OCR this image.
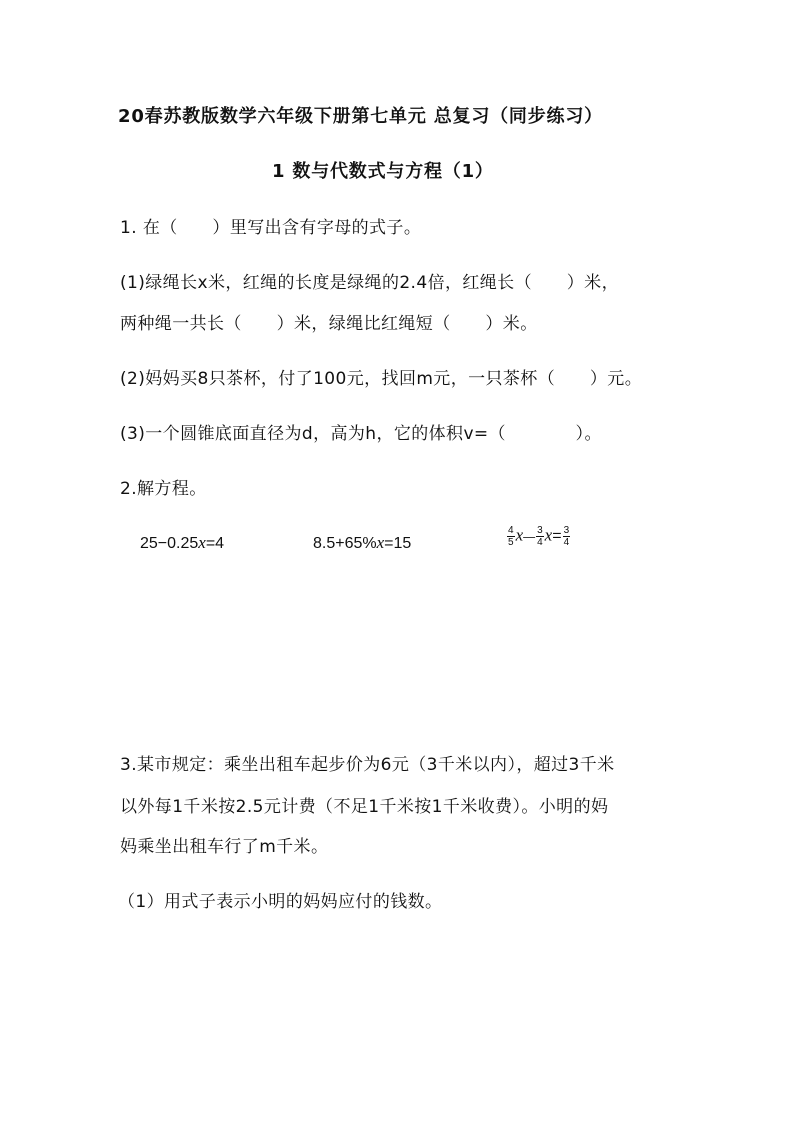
20春苏教版数学六年级下册第七单元 总复习（同步练习）
1 数与代数式与方程（1）
1. 在（　　）里写出含有字母的式子。
(1)绿绳长x米，红绳的长度是绿绳的2.4倍，红绳长（　　）米，
两种绳一共长（　　）米，绿绳比红绳短（　　）米。
(2)妈妈买8只茶杯，付了100元，找回m元，一只茶杯（　　）元。
(3)一个圆锥底面直径为d，高为h，它的体积v=（　　　　）。
2.解方程。
25−0.25x=4	8.5+65%x=15	$\frac{4}{5}$ x— $\frac{3}{4} x= \frac{3}{4}$
3.某市规定：乘坐出租车起步价为6元（3千米以内），超过3千米
以外每1千米按2.5元计费（不足1千米按1千米收费）。小明的妈
妈乘坐出租车行了m千米。
（1）用式子表示小明的妈妈应付的钱数。
